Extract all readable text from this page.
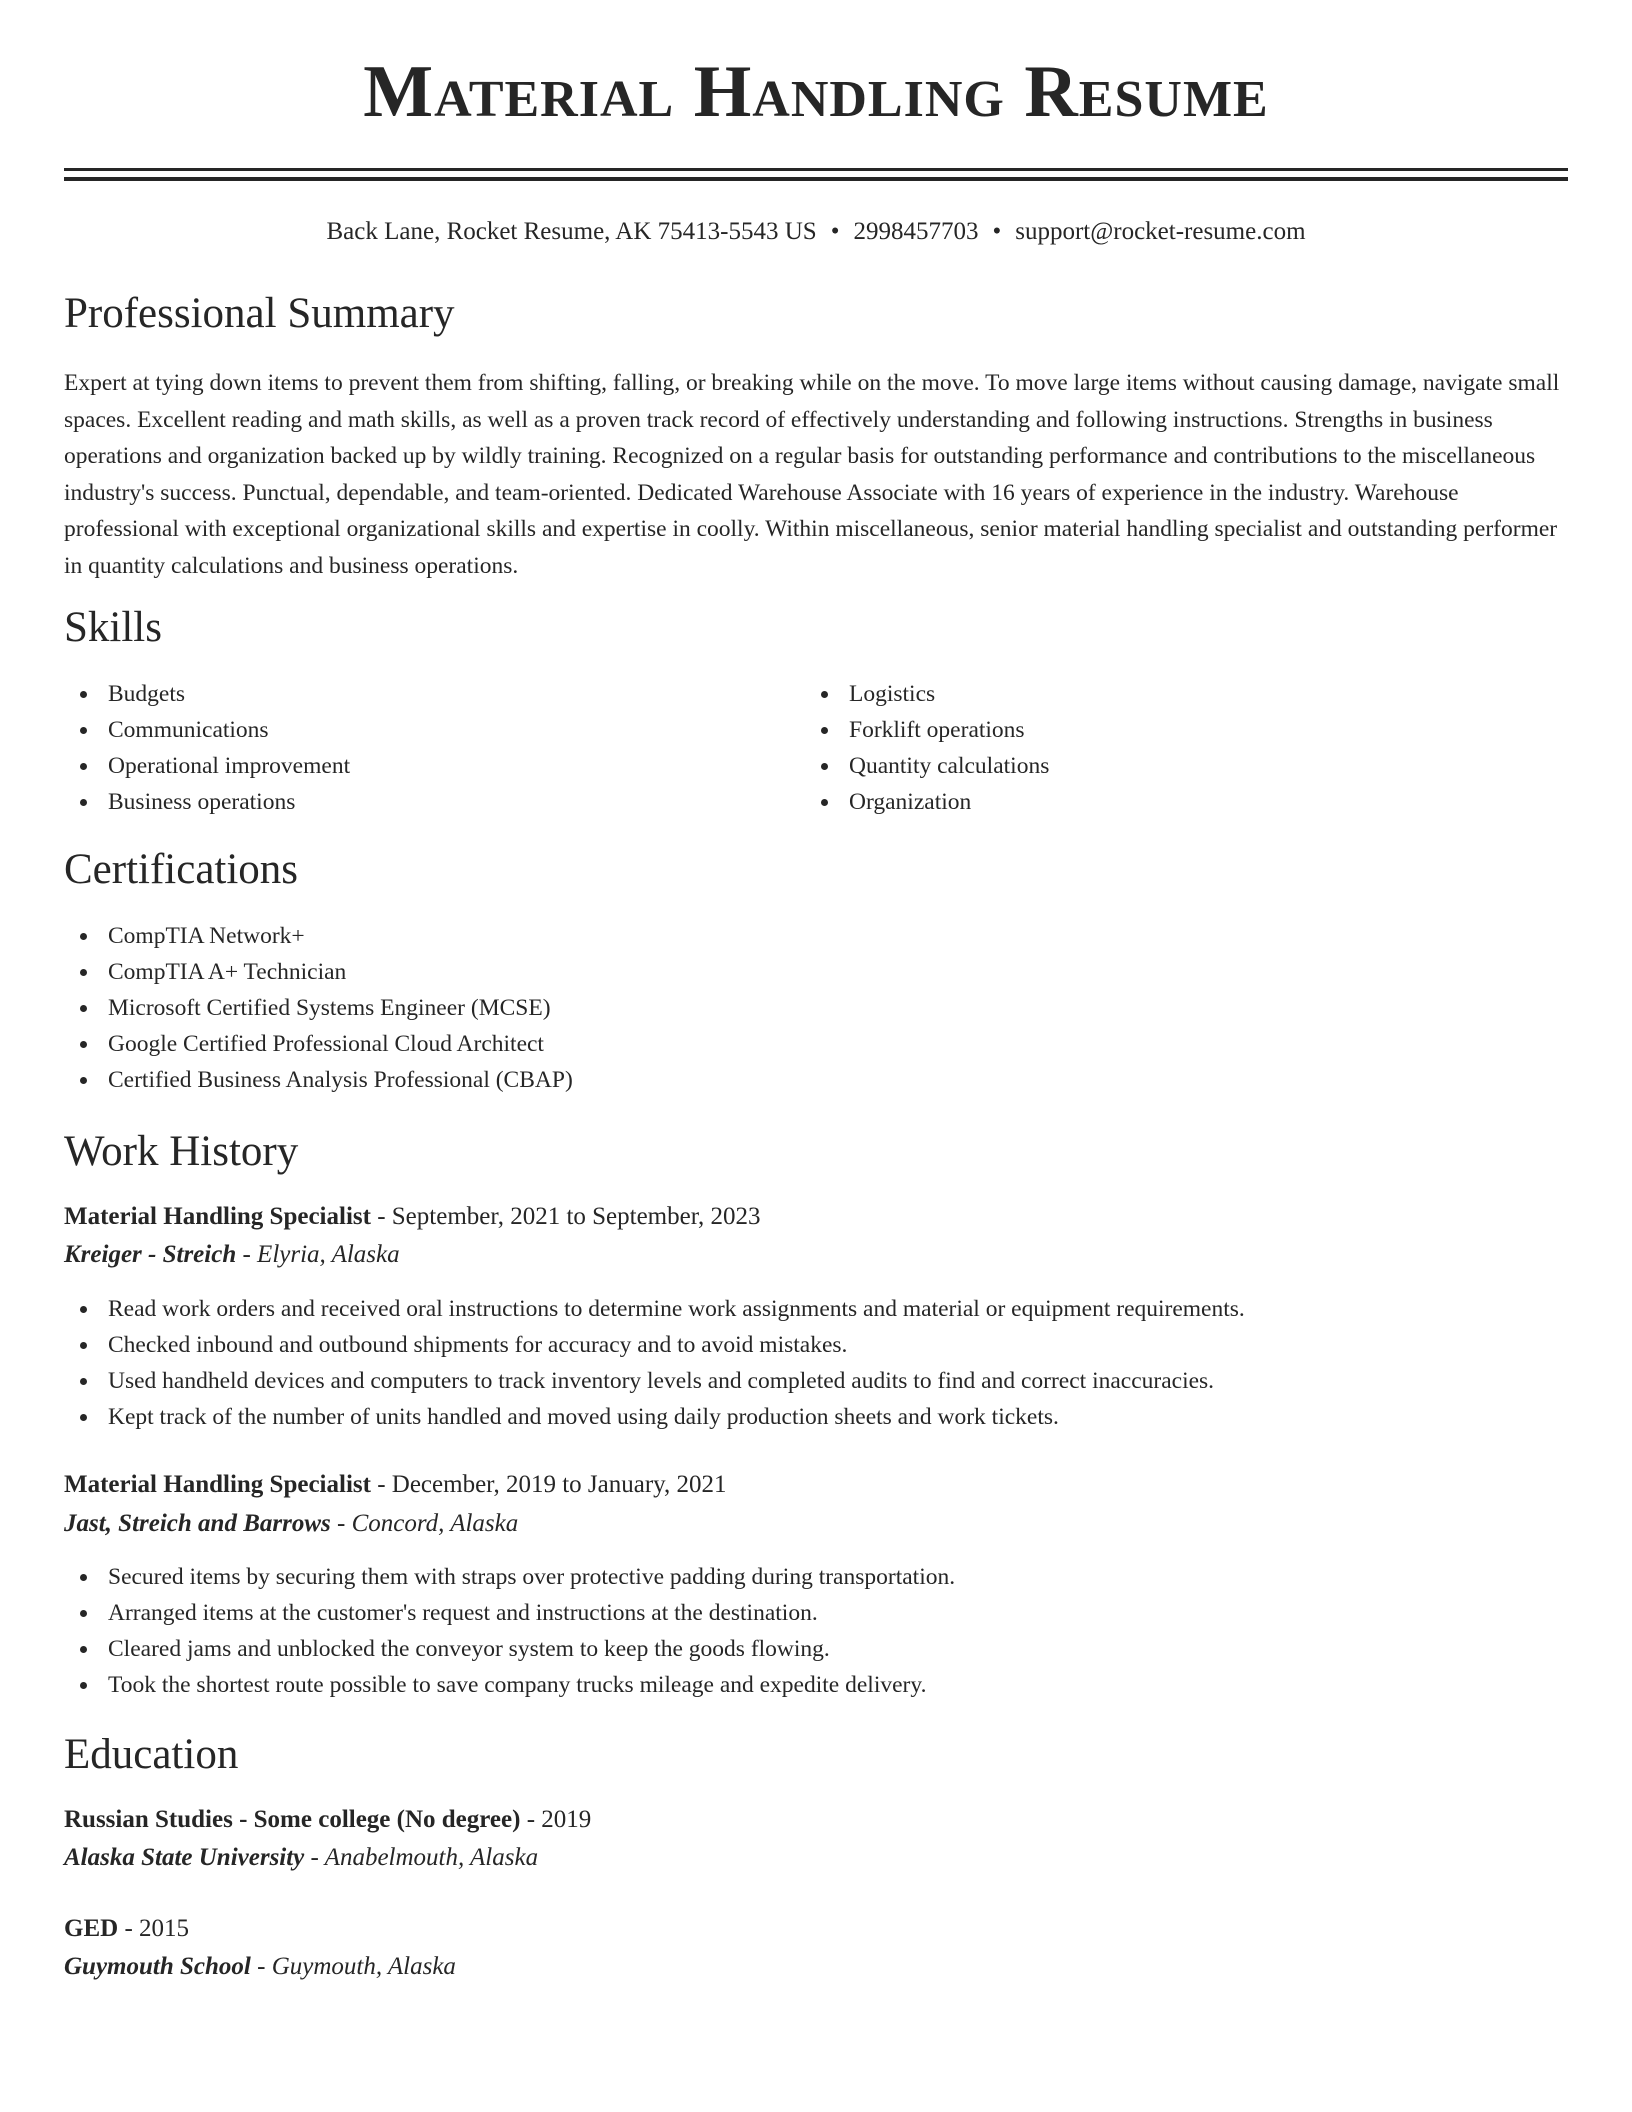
Material Handling Resume
Back Lane, Rocket Resume, AK 75413-5543 US • 2998457703 • support@rocket-resume.com
Professional Summary
Expert at tying down items to prevent them from shifting, falling, or breaking while on the move. To move large items without causing damage, navigate small spaces. Excellent reading and math skills, as well as a proven track record of effectively understanding and following instructions. Strengths in business operations and organization backed up by wildly training. Recognized on a regular basis for outstanding performance and contributions to the miscellaneous industry's success. Punctual, dependable, and team-oriented. Dedicated Warehouse Associate with 16 years of experience in the industry. Warehouse professional with exceptional organizational skills and expertise in coolly. Within miscellaneous, senior material handling specialist and outstanding performer in quantity calculations and business operations.
Skills
Budgets
Communications
Operational improvement
Business operations
Logistics
Forklift operations
Quantity calculations
Organization
Certifications
CompTIA Network+
CompTIA A+ Technician
Microsoft Certified Systems Engineer (MCSE)
Google Certified Professional Cloud Architect
Certified Business Analysis Professional (CBAP)
Work History
Material Handling Specialist - September, 2021 to September, 2023
Kreiger - Streich - Elyria, Alaska
Read work orders and received oral instructions to determine work assignments and material or equipment requirements.
Checked inbound and outbound shipments for accuracy and to avoid mistakes.
Used handheld devices and computers to track inventory levels and completed audits to find and correct inaccuracies.
Kept track of the number of units handled and moved using daily production sheets and work tickets.
Material Handling Specialist - December, 2019 to January, 2021
Jast, Streich and Barrows - Concord, Alaska
Secured items by securing them with straps over protective padding during transportation.
Arranged items at the customer's request and instructions at the destination.
Cleared jams and unblocked the conveyor system to keep the goods flowing.
Took the shortest route possible to save company trucks mileage and expedite delivery.
Education
Russian Studies - Some college (No degree) - 2019
Alaska State University - Anabelmouth, Alaska
GED - 2015
Guymouth School - Guymouth, Alaska
